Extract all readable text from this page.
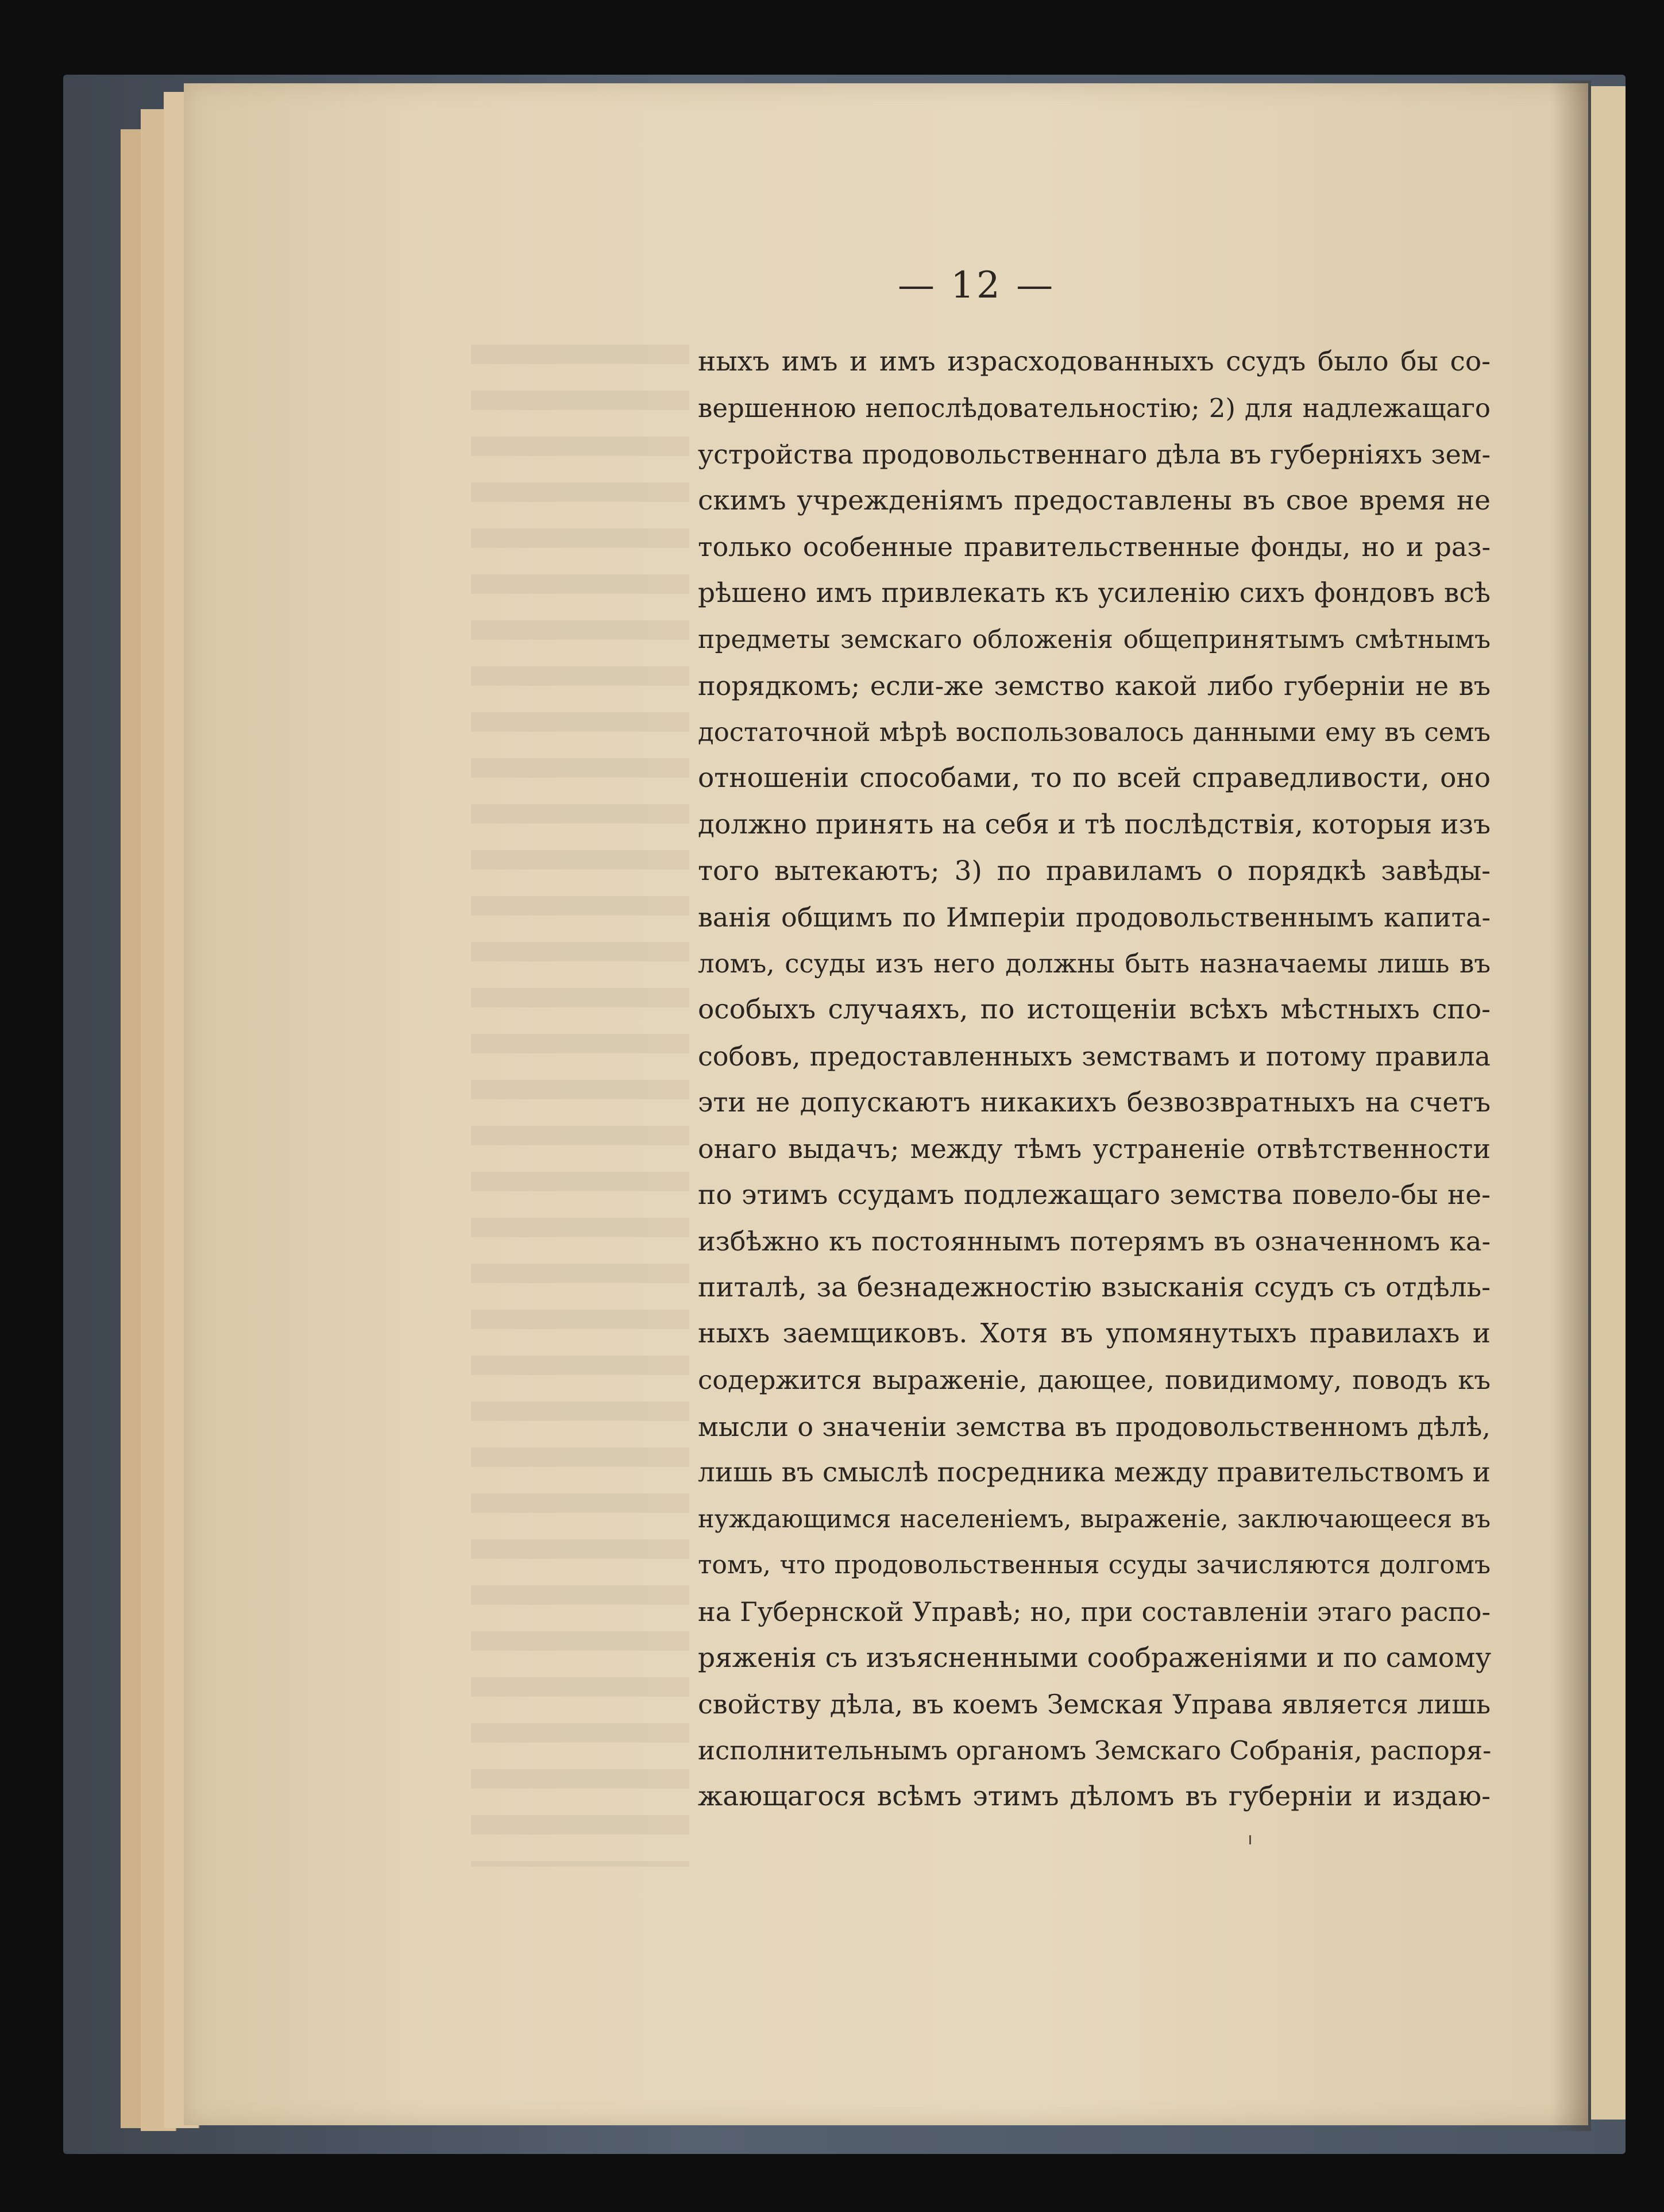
— 12 —
ныхъ имъ и имъ израсходованныхъ ссудъ было бы со-
вершенною непослѣдовательностію; 2) для надлежащаго
устройства продовольственнаго дѣла въ губерніяхъ зем-
скимъ учрежденіямъ предоставлены въ свое время не
только особенные правительственные фонды, но и раз-
рѣшено имъ привлекать къ усиленію сихъ фондовъ всѣ
предметы земскаго обложенія общепринятымъ смѣтнымъ
порядкомъ; если-же земство какой либо губерніи не въ
достаточной мѣрѣ воспользовалось данными ему въ семъ
отношеніи способами, то по всей справедливости, оно
должно принять на себя и тѣ послѣдствія, которыя изъ
того вытекаютъ; 3) по правиламъ о порядкѣ завѣды-
ванія общимъ по Имперіи продовольственнымъ капита-
ломъ, ссуды изъ него должны быть назначаемы лишь въ
особыхъ случаяхъ, по истощеніи всѣхъ мѣстныхъ спо-
собовъ, предоставленныхъ земствамъ и потому правила
эти не допускаютъ никакихъ безвозвратныхъ на счетъ
онаго выдачъ; между тѣмъ устраненіе отвѣтственности
по этимъ ссудамъ подлежащаго земства повело-бы не-
избѣжно къ постояннымъ потерямъ въ означенномъ ка-
питалѣ, за безнадежностію взысканія ссудъ съ отдѣль-
ныхъ заемщиковъ. Хотя въ упомянутыхъ правилахъ и
содержится выраженіе, дающее, повидимому, поводъ къ
мысли о значеніи земства въ продовольственномъ дѣлѣ,
лишь въ смыслѣ посредника между правительствомъ и
нуждающимся населеніемъ, выраженіе, заключающееся въ
томъ, что продовольственныя ссуды зачисляются долгомъ
на Губернской Управѣ; но, при составленіи этаго распо-
ряженія съ изъясненными соображеніями и по самому
свойству дѣла, въ коемъ Земская Управа является лишь
исполнительнымъ органомъ Земскаго Собранія, распоря-
жающагося всѣмъ этимъ дѣломъ въ губерніи и издаю-
